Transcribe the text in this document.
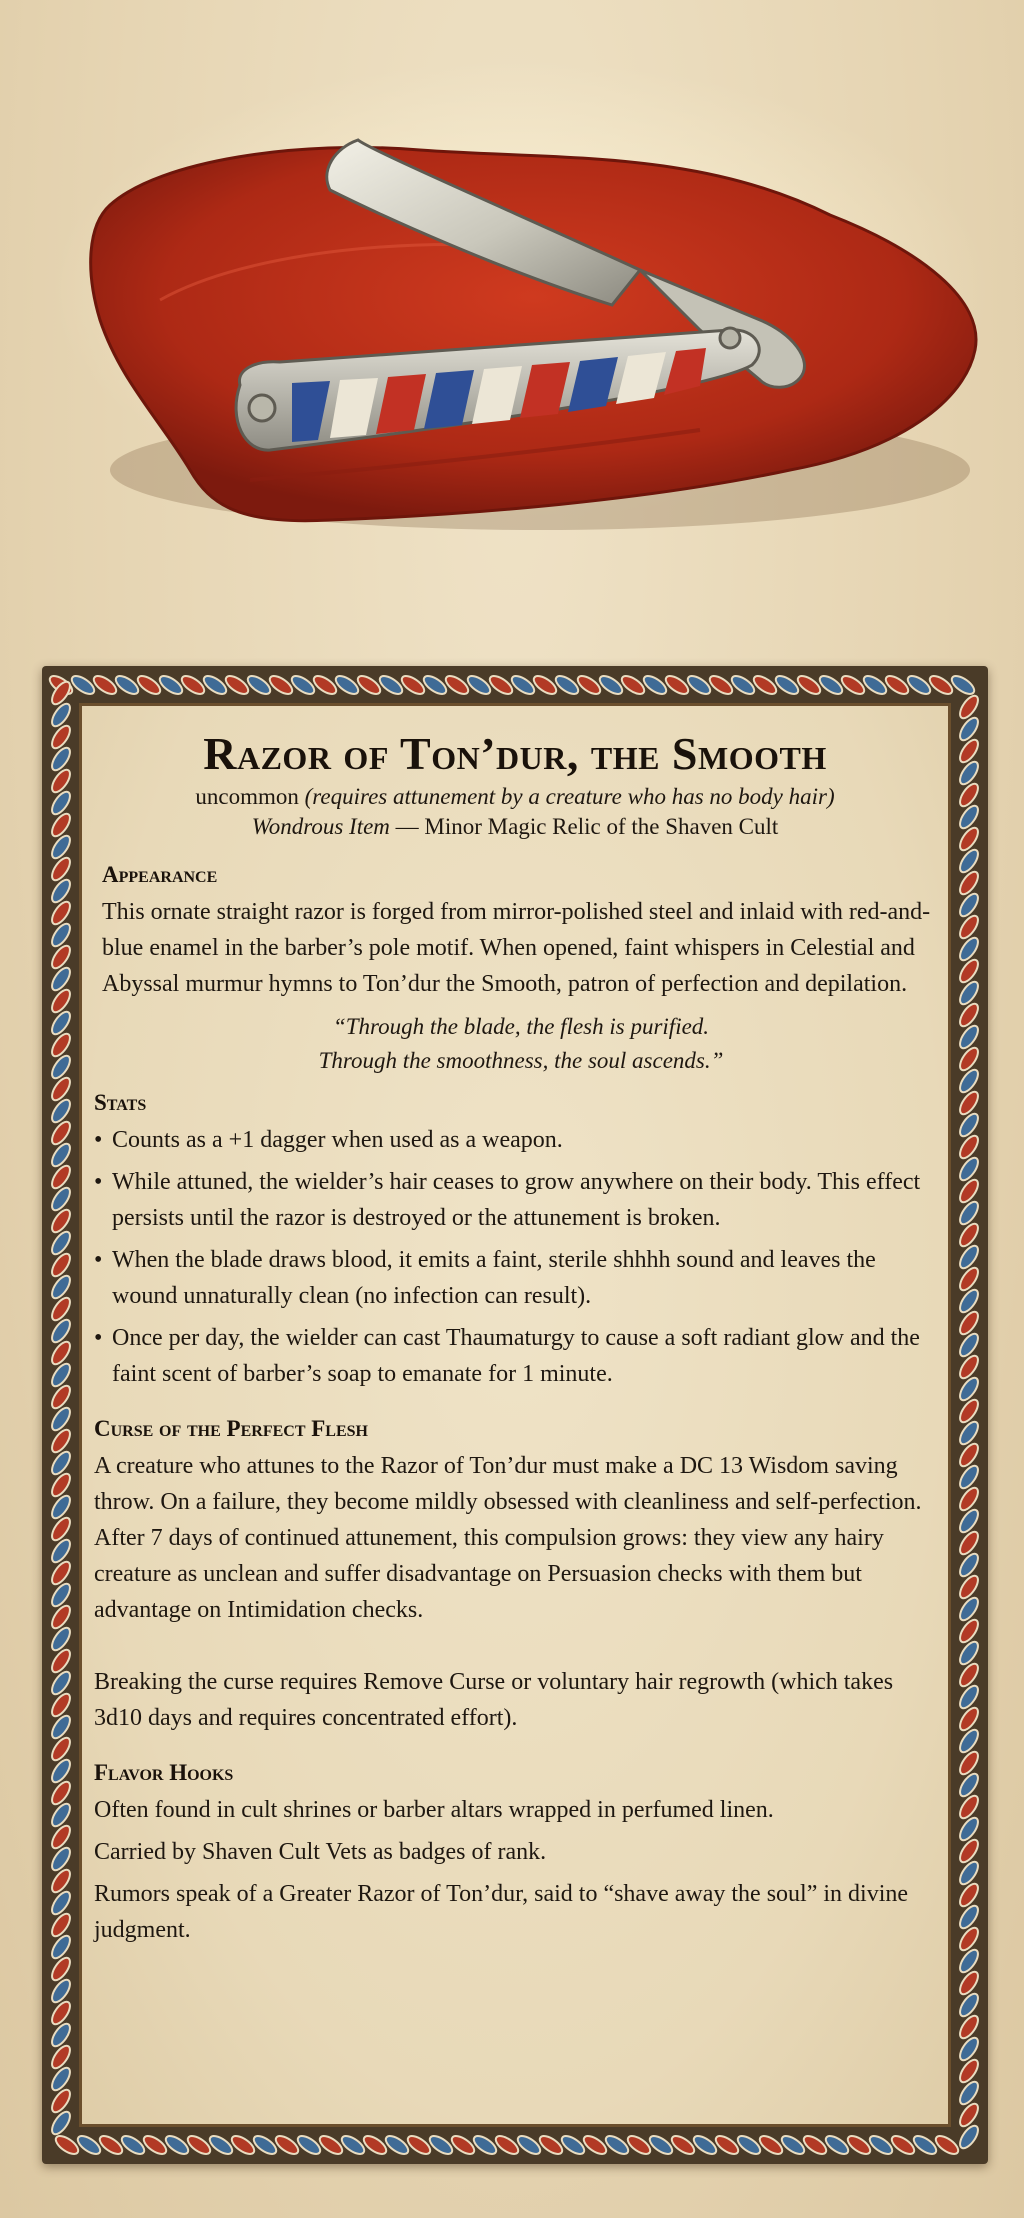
Razor of Ton’dur, the Smooth
uncommon (requires attunement by a creature who has no body hair)
Wondrous Item — Minor Magic Relic of the Shaven Cult
Appearance

This ornate straight razor is forged from mirror-polished steel and inlaid with red-and-blue enamel in the barber’s pole motif. When opened, faint whispers in Celestial and Abyssal murmur hymns to Ton’dur the Smooth, patron of perfection and depilation.

“Through the blade, the flesh is purified.
Through the smoothness, the soul ascends.”
Stats
• Counts as a +1 dagger when used as a weapon.
• While attuned, the wielder’s hair ceases to grow anywhere on their body. This effect persists until the razor is destroyed or the attunement is broken.
• When the blade draws blood, it emits a faint, sterile shhhh sound and leaves the wound unnaturally clean (no infection can result).
• Once per day, the wielder can cast Thaumaturgy to cause a soft radiant glow and the faint scent of barber’s soap to emanate for 1 minute.
Curse of the Perfect Flesh

A creature who attunes to the Razor of Ton’dur must make a DC 13 Wisdom saving throw. On a failure, they become mildly obsessed with cleanliness and self-perfection. After 7 days of continued attunement, this compulsion grows: they view any hairy creature as unclean and suffer disadvantage on Persuasion checks with them but advantage on Intimidation checks.

Breaking the curse requires Remove Curse or voluntary hair regrowth (which takes 3d10 days and requires concentrated effort).

Flavor Hooks

Often found in cult shrines or barber altars wrapped in perfumed linen.

Carried by Shaven Cult Vets as badges of rank.

Rumors speak of a Greater Razor of Ton’dur, said to “shave away the soul” in divine judgment.
